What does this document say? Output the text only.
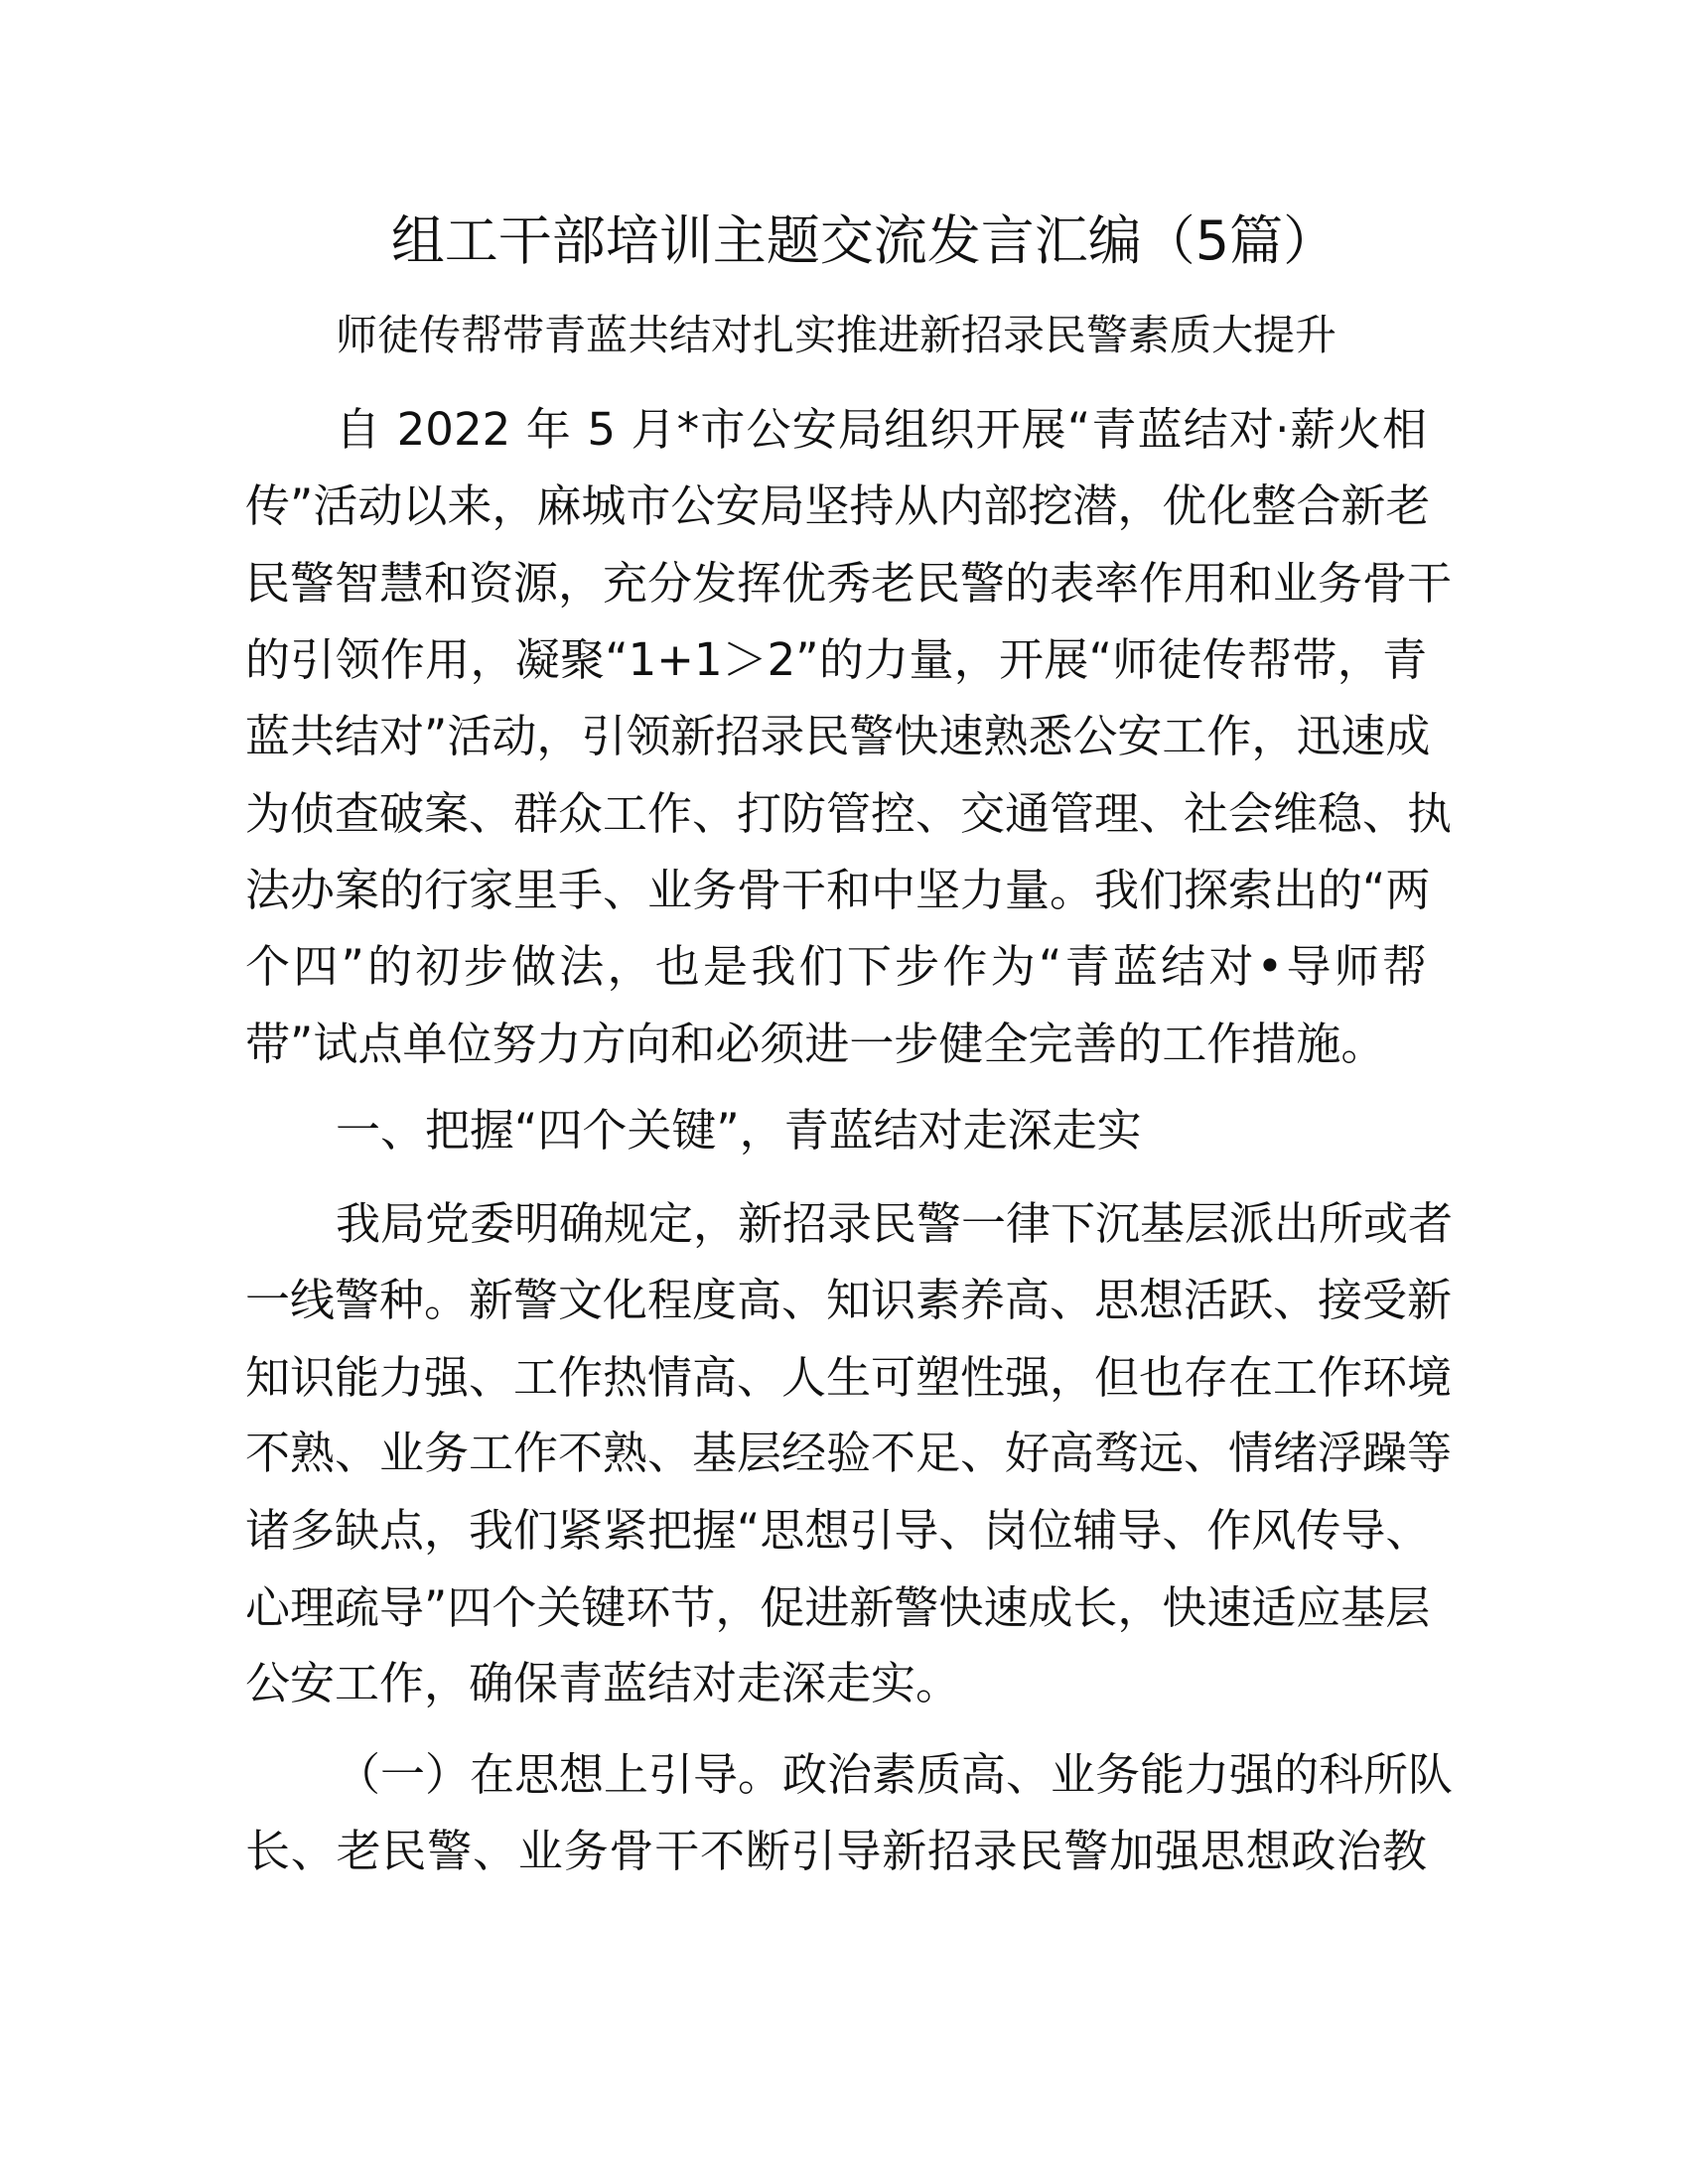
组工干部培训主题交流发言汇编（5篇）
师徒传帮带青蓝共结对扎实推进新招录民警素质大提升
自 2022 年 5 月*市公安局组织开展“青蓝结对·薪火相
传”活动以来，麻城市公安局坚持从内部挖潜，优化整合新老
民警智慧和资源，充分发挥优秀老民警的表率作用和业务骨干
的引领作用，凝聚“1+1＞2”的力量，开展“师徒传帮带，青
蓝共结对”活动，引领新招录民警快速熟悉公安工作，迅速成
为侦查破案、群众工作、打防管控、交通管理、社会维稳、执
法办案的行家里手、业务骨干和中坚力量。我们探索出的“两
个四”的初步做法，也是我们下步作为“青蓝结对•导师帮
带”试点单位努力方向和必须进一步健全完善的工作措施。
一、把握“四个关键”，青蓝结对走深走实
我局党委明确规定，新招录民警一律下沉基层派出所或者
一线警种。新警文化程度高、知识素养高、思想活跃、接受新
知识能力强、工作热情高、人生可塑性强，但也存在工作环境
不熟、业务工作不熟、基层经验不足、好高骛远、情绪浮躁等
诸多缺点，我们紧紧把握“思想引导、岗位辅导、作风传导、
心理疏导”四个关键环节，促进新警快速成长，快速适应基层
公安工作，确保青蓝结对走深走实。
（一）在思想上引导。政治素质高、业务能力强的科所队
长、老民警、业务骨干不断引导新招录民警加强思想政治教
